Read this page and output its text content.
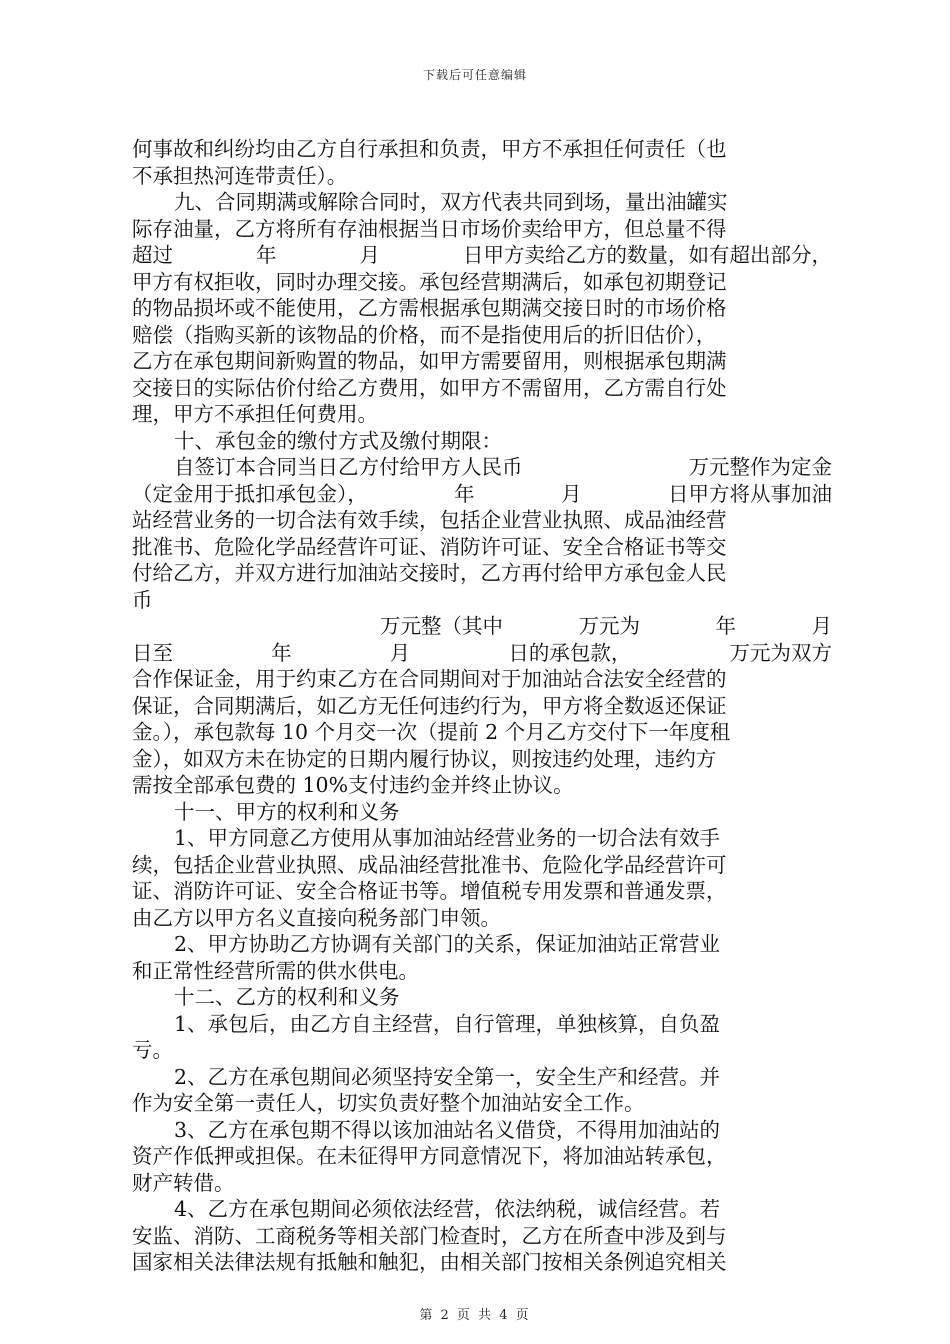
下载后可任意编辑
何事故和纠纷均由乙方自行承担和负责，甲方不承担任何责任（也
不承担热河连带责任）。
九、合同期满或解除合同时，双方代表共同到场，量出油罐实
际存油量，乙方将所有存油根据当日市场价卖给甲方，但总量不得
超过	年	月	日甲方卖给乙方的数量，如有超出部分，
甲方有权拒收，同时办理交接。承包经营期满后，如承包初期登记
的物品损坏或不能使用，乙方需根据承包期满交接日时的市场价格
赔偿（指购买新的该物品的价格，而不是指使用后的折旧估价），
乙方在承包期间新购置的物品，如甲方需要留用，则根据承包期满
交接日的实际估价付给乙方费用，如甲方不需留用，乙方需自行处
理，甲方不承担任何费用。
十、承包金的缴付方式及缴付期限：
自签订本合同当日乙方付给甲方人民币	万元整作为定金
（定金用于抵扣承包金），	年	月	日甲方将从事加油
站经营业务的一切合法有效手续，包括企业营业执照、成品油经营
批准书、危险化学品经营许可证、消防许可证、安全合格证书等交
付给乙方，并双方进行加油站交接时，乙方再付给甲方承包金人民
币
万元整（其中	万元为	年	月
日至	年	月	日的承包款，	万元为双方
合作保证金，用于约束乙方在合同期间对于加油站合法安全经营的
保证，合同期满后，如乙方无任何违约行为，甲方将全数返还保证
金。），承包款每 10 个月交一次（提前 2 个月乙方交付下一年度租
金），如双方未在协定的日期内履行协议，则按违约处理，违约方
需按全部承包费的 10%支付违约金并终止协议。
十一、甲方的权利和义务
1、甲方同意乙方使用从事加油站经营业务的一切合法有效手
续，包括企业营业执照、成品油经营批准书、危险化学品经营许可
证、消防许可证、安全合格证书等。增值税专用发票和普通发票，
由乙方以甲方名义直接向税务部门申领。
2、甲方协助乙方协调有关部门的关系，保证加油站正常营业
和正常性经营所需的供水供电。
十二、乙方的权利和义务
1、承包后，由乙方自主经营，自行管理，单独核算，自负盈
亏。
2、乙方在承包期间必须坚持安全第一，安全生产和经营。并
作为安全第一责任人，切实负责好整个加油站安全工作。
3、乙方在承包期不得以该加油站名义借贷，不得用加油站的
资产作低押或担保。在未征得甲方同意情况下，将加油站转承包，
财产转借。
4、乙方在承包期间必须依法经营，依法纳税，诚信经营。若
安监、消防、工商税务等相关部门检查时，乙方在所查中涉及到与
国家相关法律法规有抵触和触犯，由相关部门按相关条例追究相关
第 2 页 共 4 页
